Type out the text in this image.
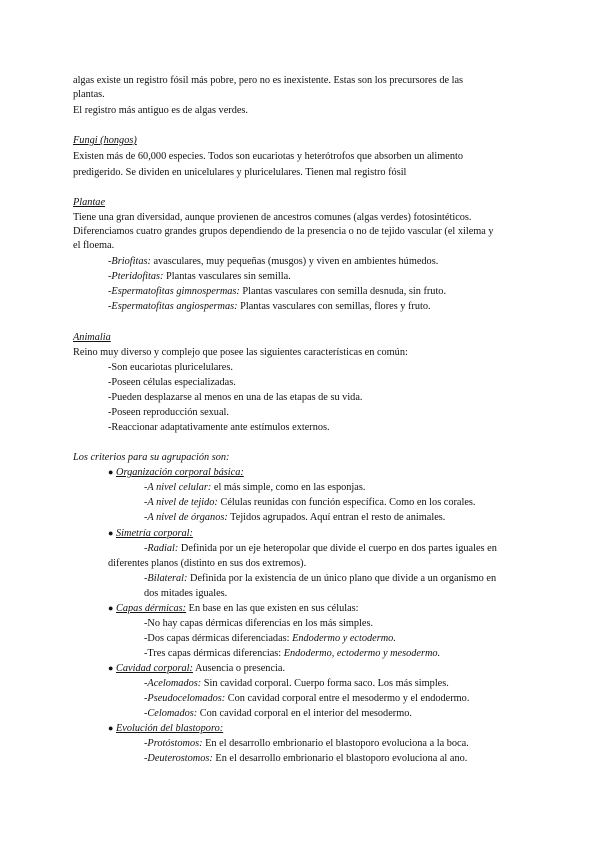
algas existe un registro fósil más pobre, pero no es inexistente. Estas son los precursores de las
plantas.
El registro más antiguo es de algas verdes.
Fungi (hongos)
Existen más de 60,000 especies. Todos son eucariotas y heterótrofos que absorben un alimento
predigerido. Se dividen en unicelulares y pluricelulares. Tienen mal registro fósil
Plantae
Tiene una gran diversidad, aunque provienen de ancestros comunes (algas verdes) fotosintéticos.
Diferenciamos cuatro grandes grupos dependiendo de la presencia o no de tejido vascular (el xilema y
el floema.
-Briofitas: avasculares, muy pequeñas (musgos) y viven en ambientes húmedos.
-Pteridofitas: Plantas vasculares sin semilla.
-Espermatofitas gimnospermas: Plantas vasculares con semilla desnuda, sin fruto.
-Espermatofitas angiospermas: Plantas vasculares con semillas, flores y fruto.
Animalia
Reino muy diverso y complejo que posee las siguientes características en común:
-Son eucariotas pluricelulares.
-Poseen células especializadas.
-Pueden desplazarse al menos en una de las etapas de su vida.
-Poseen reproducción sexual.
-Reaccionar adaptativamente ante estímulos externos.
Los criterios para su agrupación son:
● Organización corporal básica:
-A nivel celular: el más simple, como en las esponjas.
-A nivel de tejido: Células reunidas con función específica. Como en los corales.
-A nivel de órganos: Tejidos agrupados. Aquí entran el resto de animales.
● Simetría corporal:
-Radial: Definida por un eje heteropolar que divide el cuerpo en dos partes iguales en
diferentes planos (distinto en sus dos extremos).
-Bilateral: Definida por la existencia de un único plano que divide a un organismo en
dos mitades iguales.
● Capas dérmicas: En base en las que existen en sus células:
-No hay capas dérmicas diferencias en los más simples.
-Dos capas dérmicas diferenciadas: Endodermo y ectodermo.
-Tres capas dérmicas diferencias: Endodermo, ectodermo y mesodermo.
● Cavidad corporal: Ausencia o presencia.
-Acelomados: Sin cavidad corporal. Cuerpo forma saco. Los más simples.
-Pseudocelomados: Con cavidad corporal entre el mesodermo y el endodermo.
-Celomados: Con cavidad corporal en el interior del mesodermo.
● Evolución del blastoporo:
-Protóstomos: En el desarrollo embrionario el blastoporo evoluciona a la boca.
-Deuterostomos: En el desarrollo embrionario el blastoporo evoluciona al ano.
